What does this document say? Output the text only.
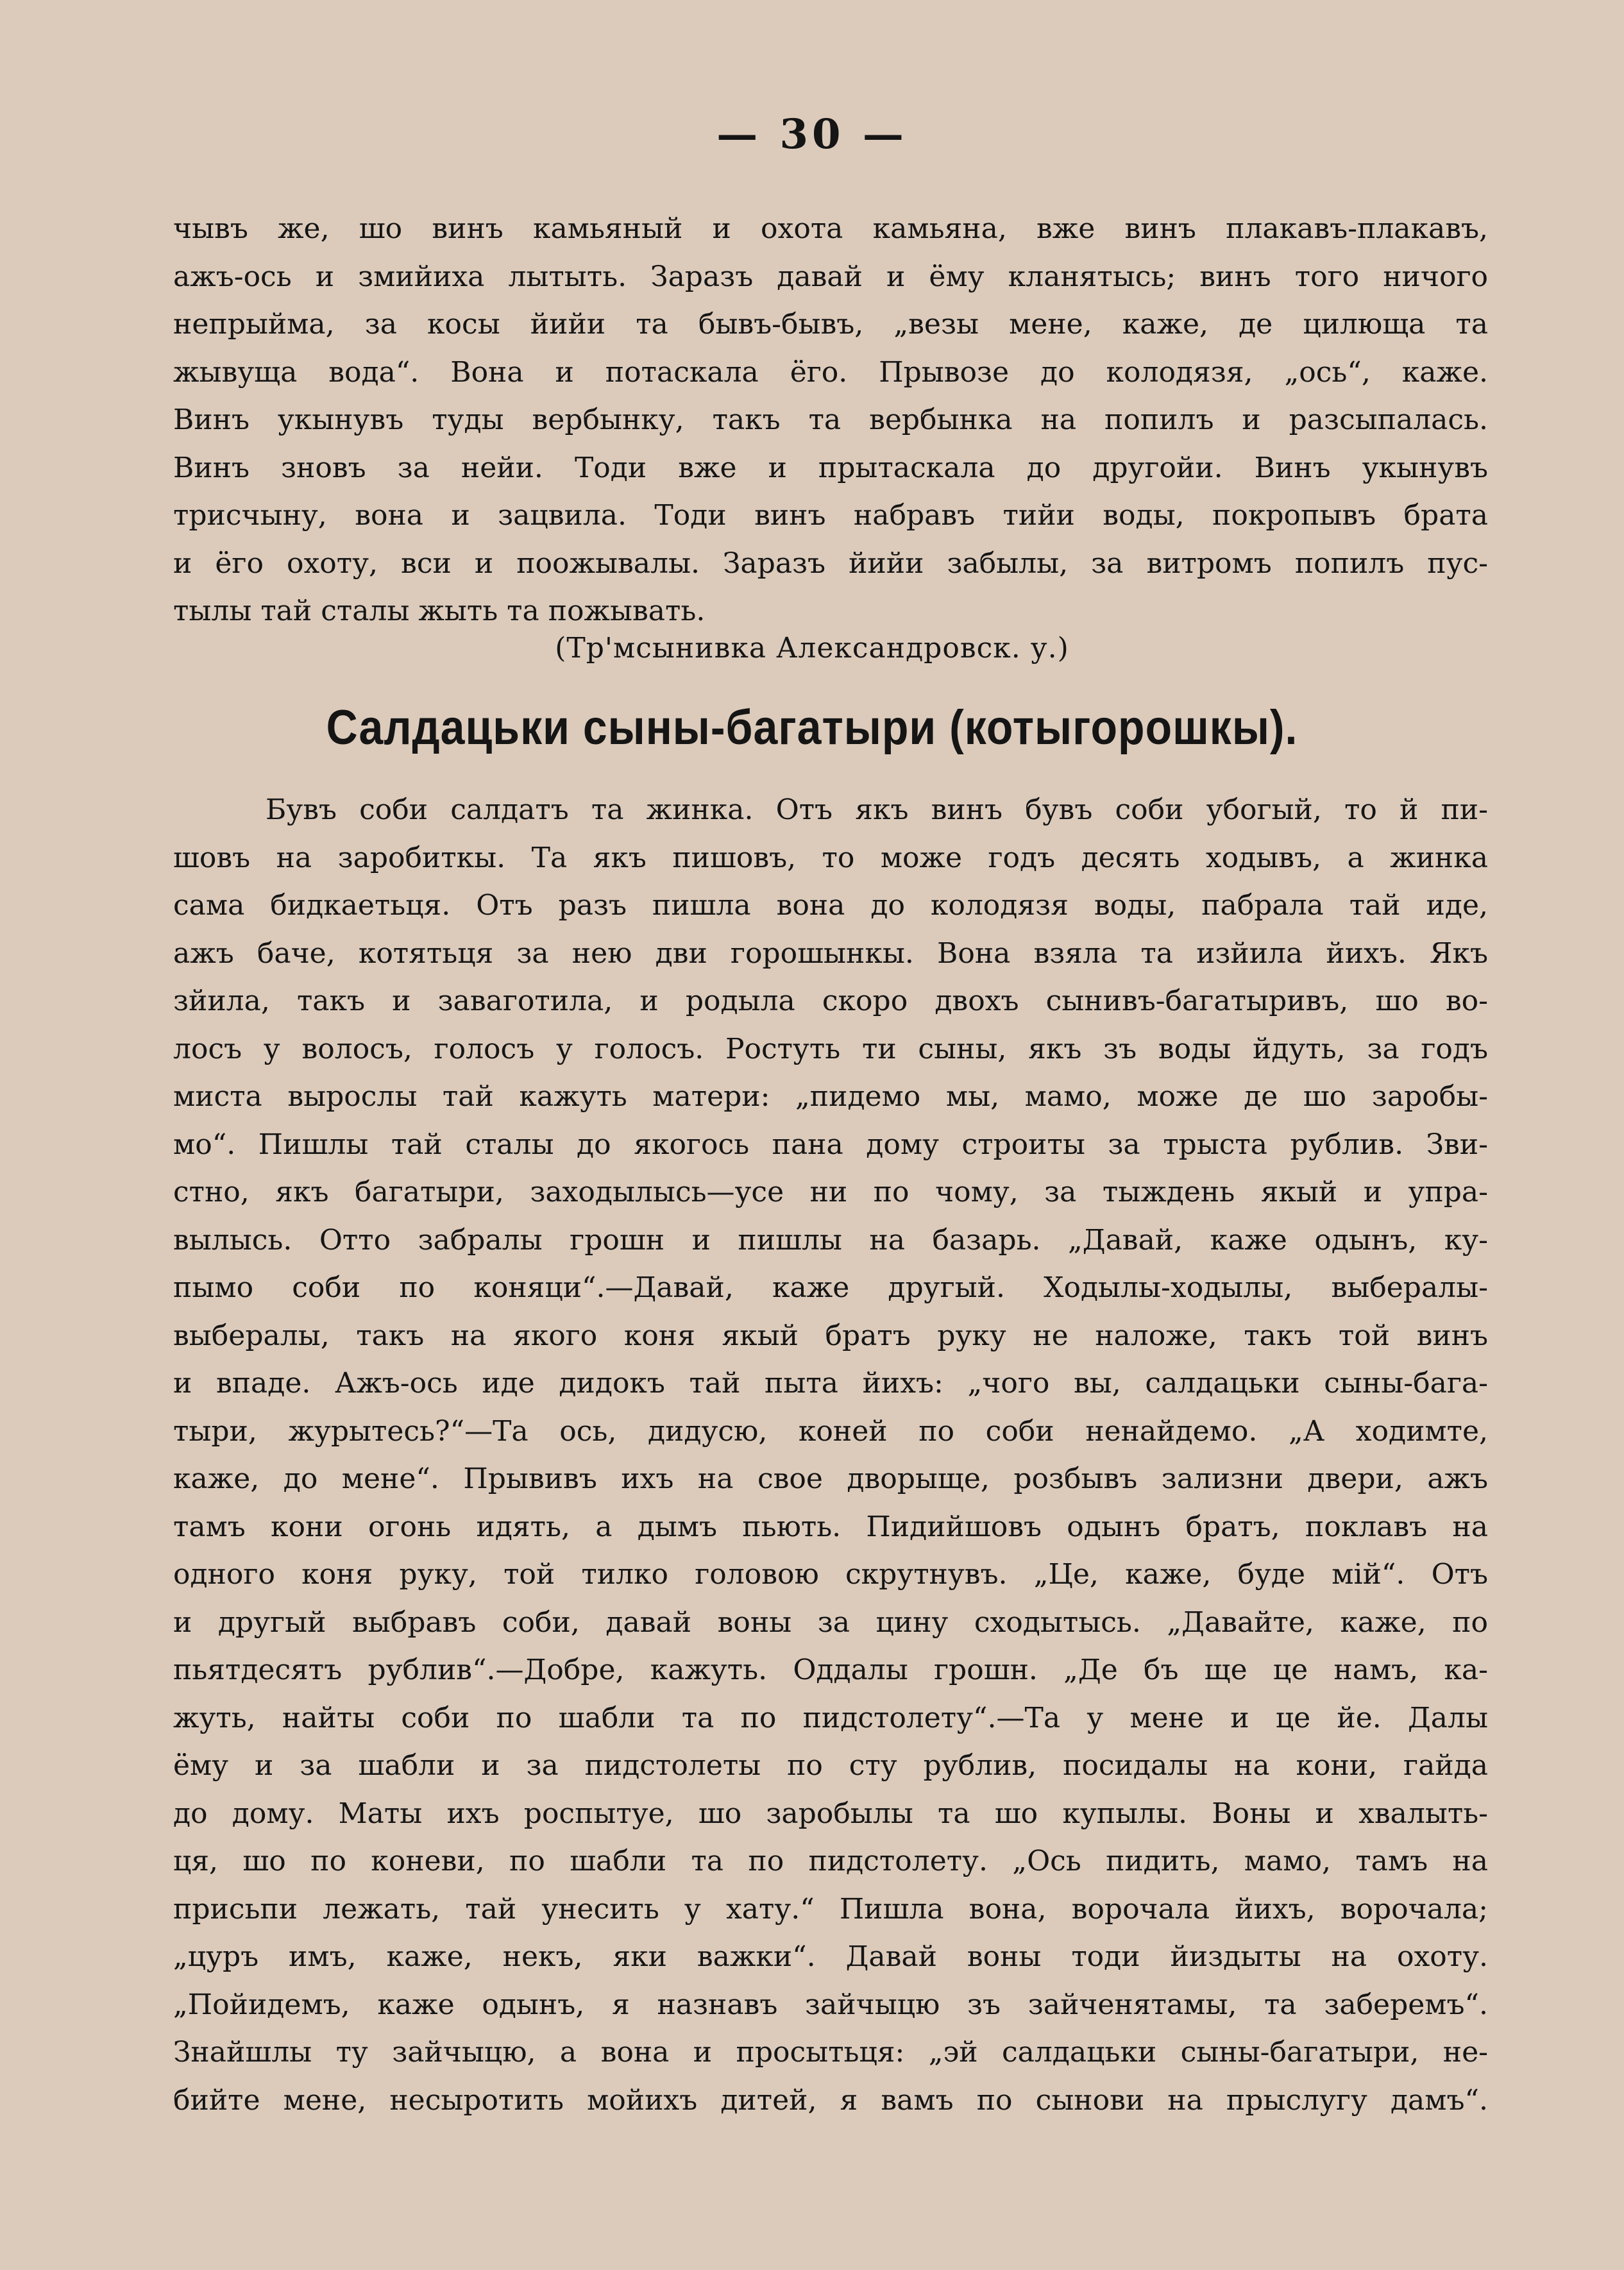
— 30 —
чывъ же, шо винъ камьяный и охота камьяна, вже винъ плакавъ-плакавъ,
ажъ-ось и змийиха лытыть. Заразъ давай и ёму кланятысь; винъ того ничого
непрыйма, за косы йийи та бывъ-бывъ, „везы мене, каже, де цилюща та
жывуща вода“. Вона и потаскала ёго. Прывозе до колодязя, „ось“, каже.
Винъ укынувъ туды вербынку, такъ та вербынка на попилъ и разсыпалась.
Винъ зновъ за нейи. Тоди вже и прытаскала до другойи. Винъ укынувъ
трисчыну, вона и зацвила. Тоди винъ набравъ тийи воды, покропывъ брата
и ёго охоту, вси и поожывалы. Заразъ йийи забылы, за витромъ попилъ пус-
тылы тай сталы жыть та пожывать.
(Тр'мсынивка Александровск. у.)
Салдацьки сыны-багатыри (котыгорошкы).
Бувъ соби салдатъ та жинка. Отъ якъ винъ бувъ соби убогый, то й пи-
шовъ на заробиткы. Та якъ пишовъ, то може годъ десять ходывъ, а жинка
сама бидкаетьця. Отъ разъ пишла вона до колодязя воды, пабрала тай иде,
ажъ баче, котятьця за нею дви горошынкы. Вона взяла та изйила йихъ. Якъ
зйила, такъ и заваготила, и родыла скоро двохъ сынивъ-багатыривъ, шо во-
лосъ у волосъ, голосъ у голосъ. Ростуть ти сыны, якъ зъ воды йдуть, за годъ
миста выpослы тай кажуть матери: „пидемо мы, мамо, може де шо заробы-
мо“. Пишлы тай сталы до якогось пана дому строиты за трыста рублив. Зви-
стно, якъ багатыри, заходылысь—усе ни по чому, за тыждень якый и упра-
вылысь. Отто забралы грошн и пишлы на базарь. „Давай, каже одынъ, ку-
пымо соби по коняци“.—Давай, каже другый. Ходылы-ходылы, выбералы-
выбералы, такъ на якого коня якый братъ руку не наложе, такъ той винъ
и впаде. Ажъ-ось иде дидокъ тай пыта йихъ: „чого вы, салдацьки сыны-бага-
тыри, журытесь?“—Та ось, дидусю, коней по соби ненайдемо. „А ходимте,
каже, до мене“. Прывивъ ихъ на свое дворыще, розбывъ зализни двери, ажъ
тамъ кони огонь идять, а дымъ пьють. Пидийшовъ одынъ братъ, поклавъ на
одного коня руку, той тилко головою скрутнувъ. „Це, каже, буде мій“. Отъ
и другый выбравъ соби, давай воны за цину сходытысь. „Давайте, каже, по
пьятдесятъ рублив“.—Добре, кажуть. Оддалы грошн. „Де бъ ще це намъ, ка-
жуть, найты соби по шабли та по пидстолету“.—Та у мене и це йе. Далы
ёму и за шабли и за пидстолеты по сту рублив, посидалы на кони, гайда
до дому. Маты ихъ роспытуе, шо заробылы та шо купылы. Воны и хвалыть-
ця, шо по коневи, по шабли та по пидстолету. „Ось пидить, мамо, тамъ на
присьпи лежать, тай унесить у хату.“ Пишла вона, ворочала йихъ, ворочала;
„цуръ имъ, каже, некъ, яки важки“. Давай воны тоди йиздыты на охоту.
„Пойидемъ, каже одынъ, я назнавъ зайчыцю зъ зайченятамы, та заберемъ“.
Знайшлы ту зайчыцю, а вона и просытьця: „эй салдацьки сыны-багатыри, не-
бийте мене, несыротить мойихъ дитей, я вамъ по сынови на прыслугу дамъ“.
